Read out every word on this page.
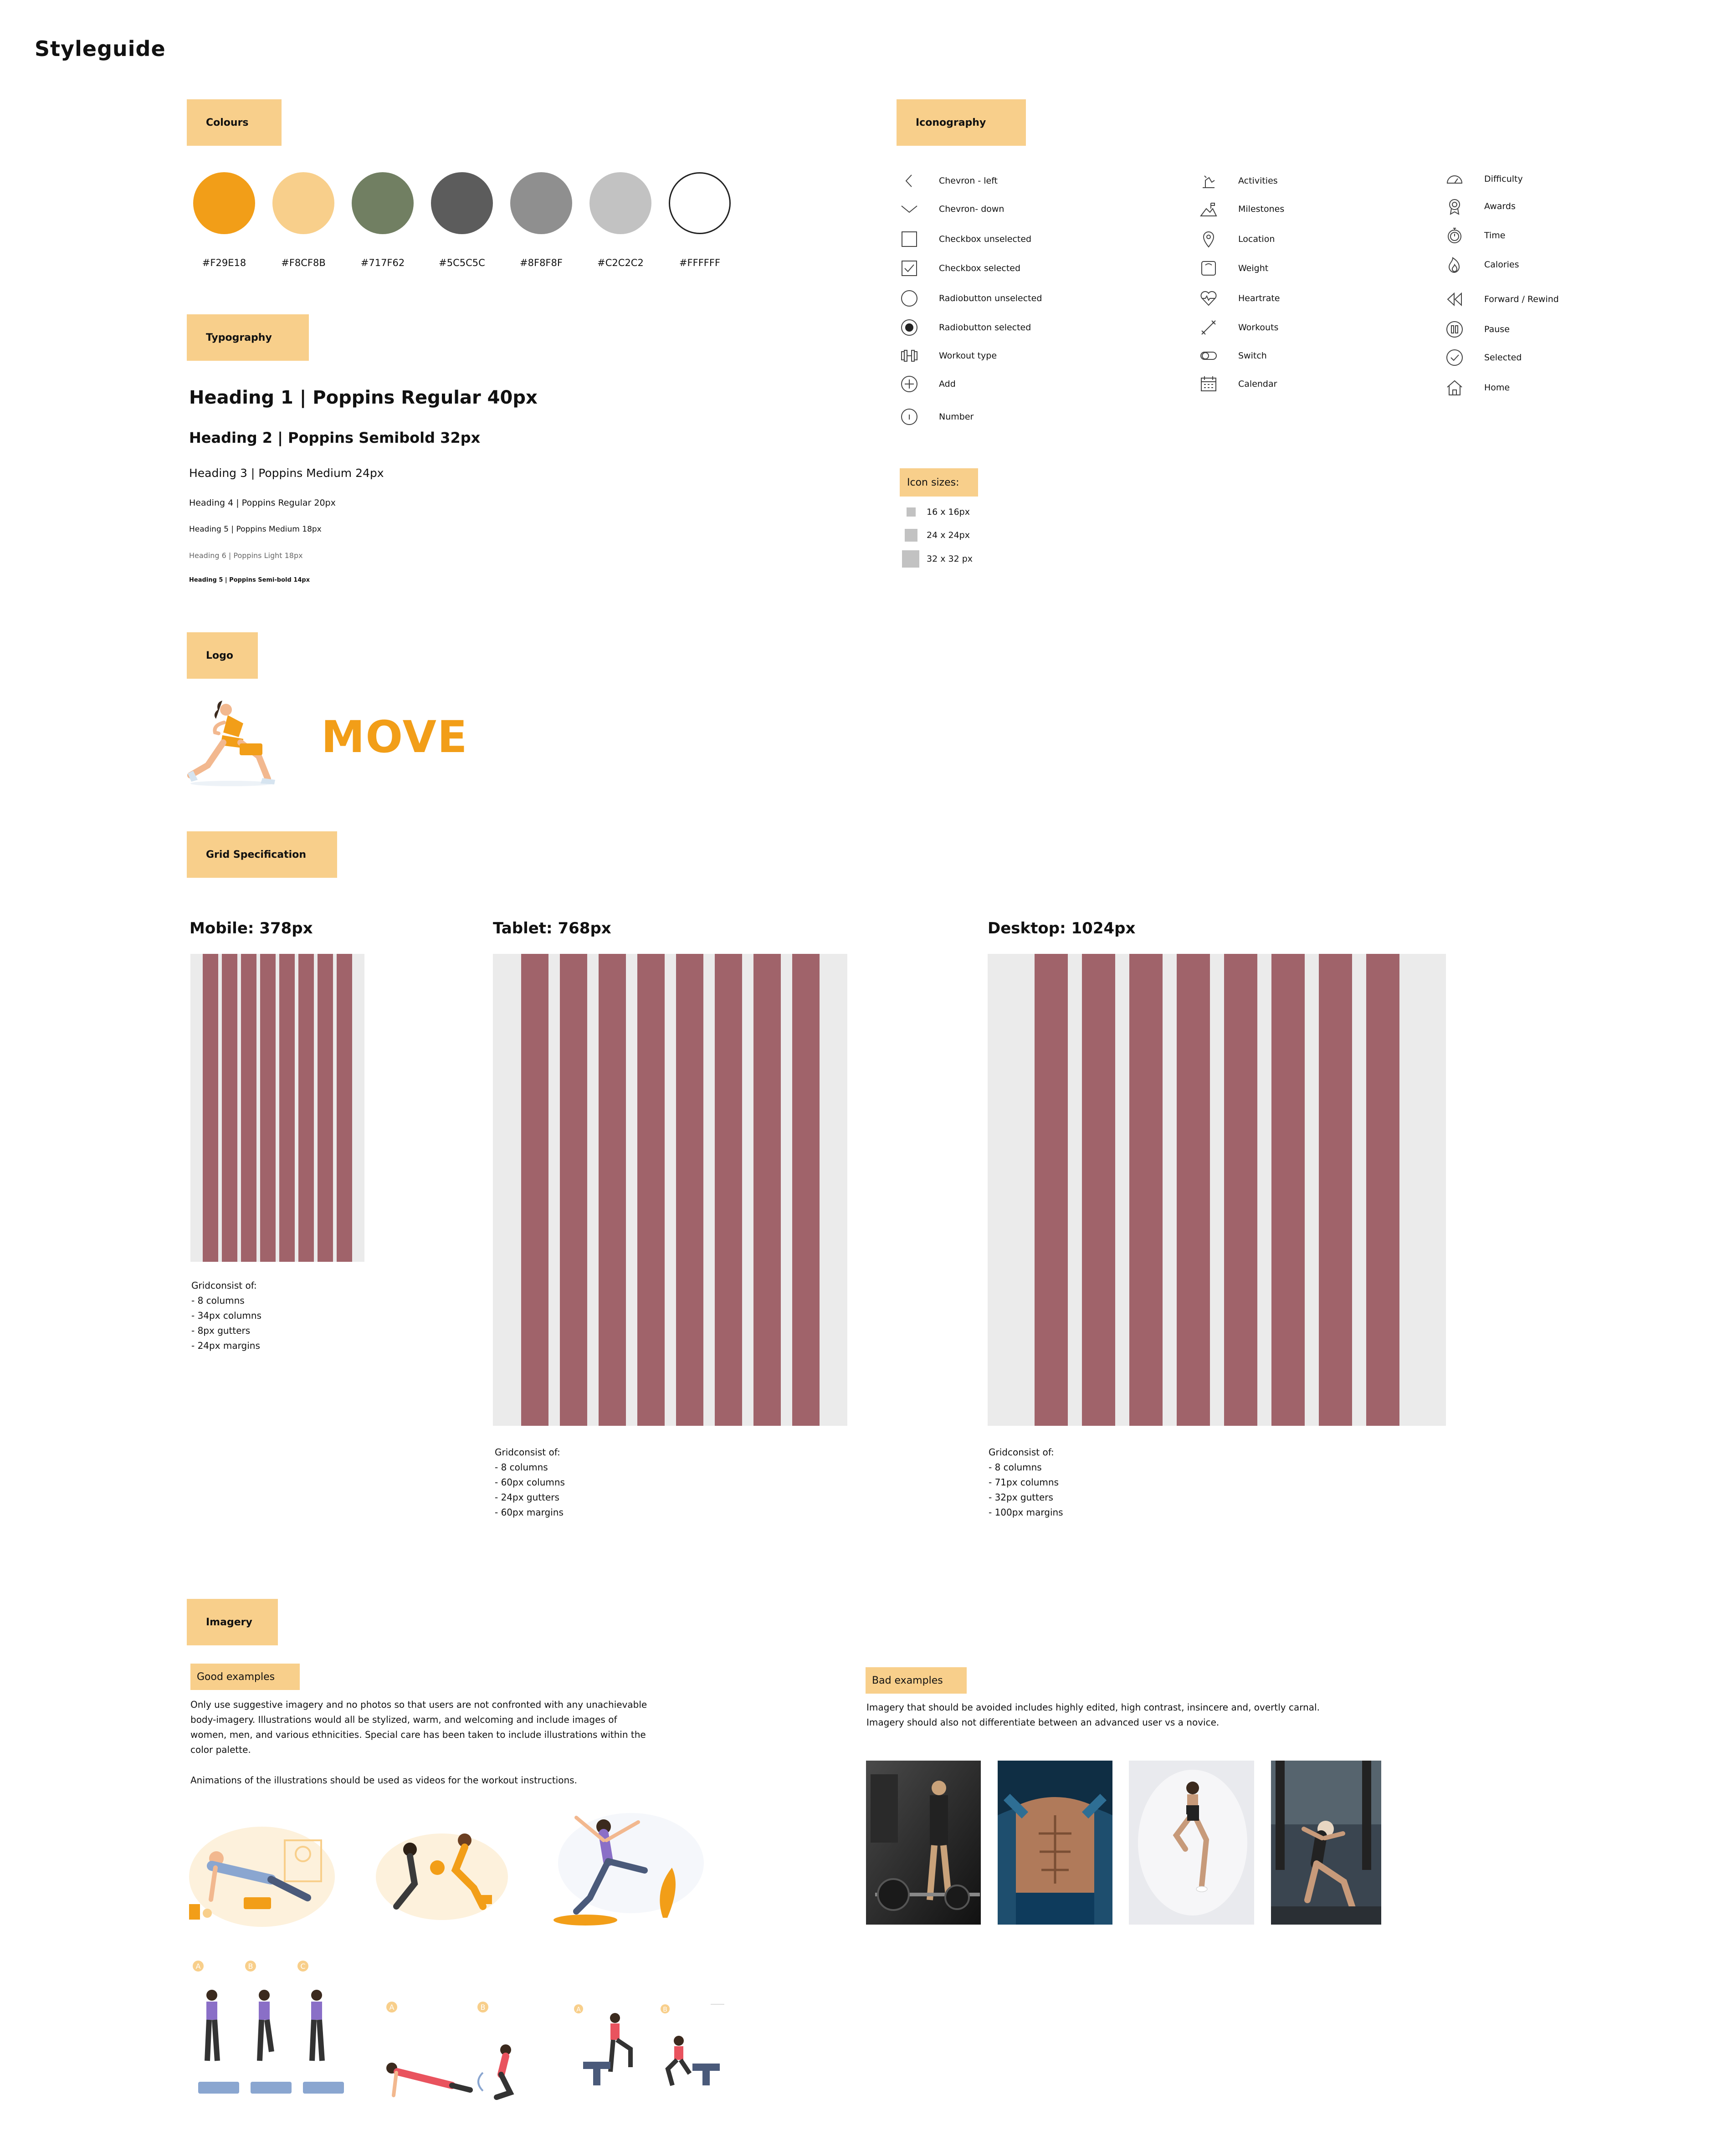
Styleguide
Colours
#F29E18	#F8CF8B	#717F62	#5C5C5C	#8F8F8F	#C2C2C2	#FFFFFF
Typography
Heading 1 | Poppins Regular 40px
Heading 2 | Poppins Semibold 32px
Heading 3 | Poppins Medium 24px
Heading 4 | Poppins Regular 20px
Heading 5 | Poppins Medium 18px
Heading 6 | Poppins Light 18px
Heading 5 | Poppins Semi-bold 14px
Iconography
Chevron - left
Chevron- down
Checkbox unselected
Checkbox selected
Radiobutton unselected
Radiobutton selected
Workout type
Add
Number
Activities
Milestones
Location
Weight
Heartrate
Workouts
Switch
Calendar
Difficulty
Awards
Time
Calories
Forward / Rewind
Pause
Selected
Home
Icon sizes:
16 x 16px
24 x 24px
32 x 32 px
Logo
MOVE
Grid Specification
Mobile: 378px
Gridconsist of:
- 8 columns
- 34px columns
- 8px gutters
- 24px margins
Tablet: 768px
Gridconsist of:
- 8 columns
- 60px columns
- 24px gutters
- 60px margins
Desktop: 1024px
Gridconsist of:
- 8 columns
- 71px columns
- 32px gutters
- 100px margins
Imagery
Good examples
Only use suggestive imagery and no photos so that users are not confronted with any unachievable
body-imagery. Illustrations would all be stylized, warm, and welcoming and include images of
women, men, and various ethnicities. Special care has been taken to include illustrations within the
color palette.
Animations of the illustrations should be used as videos for the workout instructions.
Bad examples
Imagery that should be avoided includes highly edited, high contrast, insincere and, overtly carnal.
Imagery should also not differentiate between an advanced user vs a novice.
A	B	C
A	B	A	B
